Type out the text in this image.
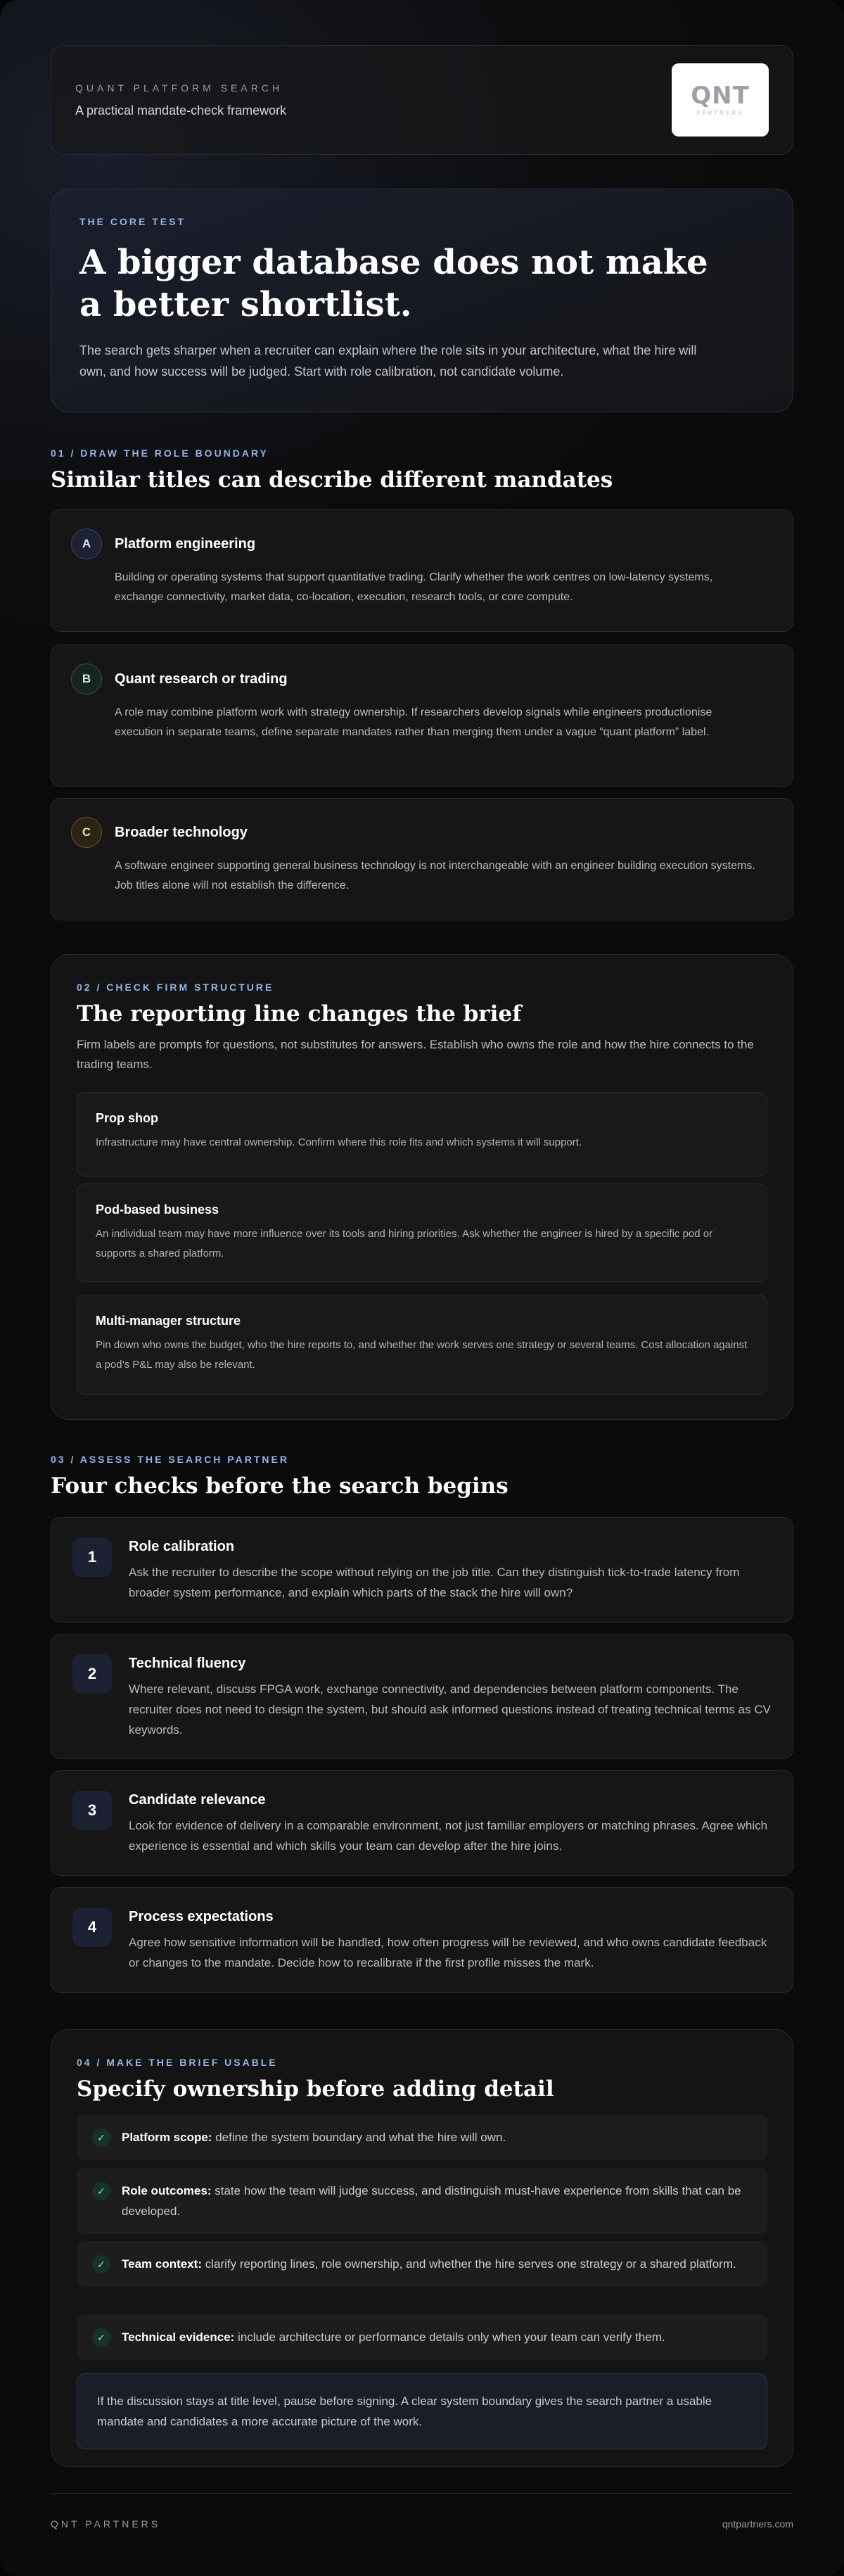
QUANT PLATFORM SEARCH
A practical mandate-check framework
QNT
PARTNERS
THE CORE TEST
A bigger database does not make a better shortlist.
The search gets sharper when a recruiter can explain where the role sits in your architecture, what the hire will own, and how success will be judged. Start with role calibration, not candidate volume.
01 / DRAW THE ROLE BOUNDARY
Similar titles can describe different mandates
A	Platform engineering
Building or operating systems that support quantitative trading. Clarify whether the work centres on low-latency systems, exchange connectivity, market data, co-location, execution, research tools, or core compute.
B	Quant research or trading
A role may combine platform work with strategy ownership. If researchers develop signals while engineers productionise execution in separate teams, define separate mandates rather than merging them under a vague “quant platform” label.
C	Broader technology
A software engineer supporting general business technology is not interchangeable with an engineer building execution systems. Job titles alone will not establish the difference.
02 / CHECK FIRM STRUCTURE
The reporting line changes the brief
Firm labels are prompts for questions, not substitutes for answers. Establish who owns the role and how the hire connects to the trading teams.
Prop shop
Infrastructure may have central ownership. Confirm where this role fits and which systems it will support.
Pod-based business
An individual team may have more influence over its tools and hiring priorities. Ask whether the engineer is hired by a specific pod or supports a shared platform.
Multi-manager structure
Pin down who owns the budget, who the hire reports to, and whether the work serves one strategy or several teams. Cost allocation against a pod’s P&L may also be relevant.
03 / ASSESS THE SEARCH PARTNER
Four checks before the search begins
1
Role calibration
Ask the recruiter to describe the scope without relying on the job title. Can they distinguish tick-to-trade latency from broader system performance, and explain which parts of the stack the hire will own?
2
Technical fluency
Where relevant, discuss FPGA work, exchange connectivity, and dependencies between platform components. The recruiter does not need to design the system, but should ask informed questions instead of treating technical terms as CV keywords.
3
Candidate relevance
Look for evidence of delivery in a comparable environment, not just familiar employers or matching phrases. Agree which experience is essential and which skills your team can develop after the hire joins.
4
Process expectations
Agree how sensitive information will be handled, how often progress will be reviewed, and who owns candidate feedback or changes to the mandate. Decide how to recalibrate if the first profile misses the mark.
04 / MAKE THE BRIEF USABLE
Specify ownership before adding detail
✓	Platform scope: define the system boundary and what the hire will own.
✓	Role outcomes: state how the team will judge success, and distinguish must-have experience from skills that can be developed.
✓	Team context: clarify reporting lines, role ownership, and whether the hire serves one strategy or a shared platform.
✓	Technical evidence: include architecture or performance details only when your team can verify them.
If the discussion stays at title level, pause before signing. A clear system boundary gives the search partner a usable mandate and candidates a more accurate picture of the work.
QNT PARTNERS	qntpartners.com
